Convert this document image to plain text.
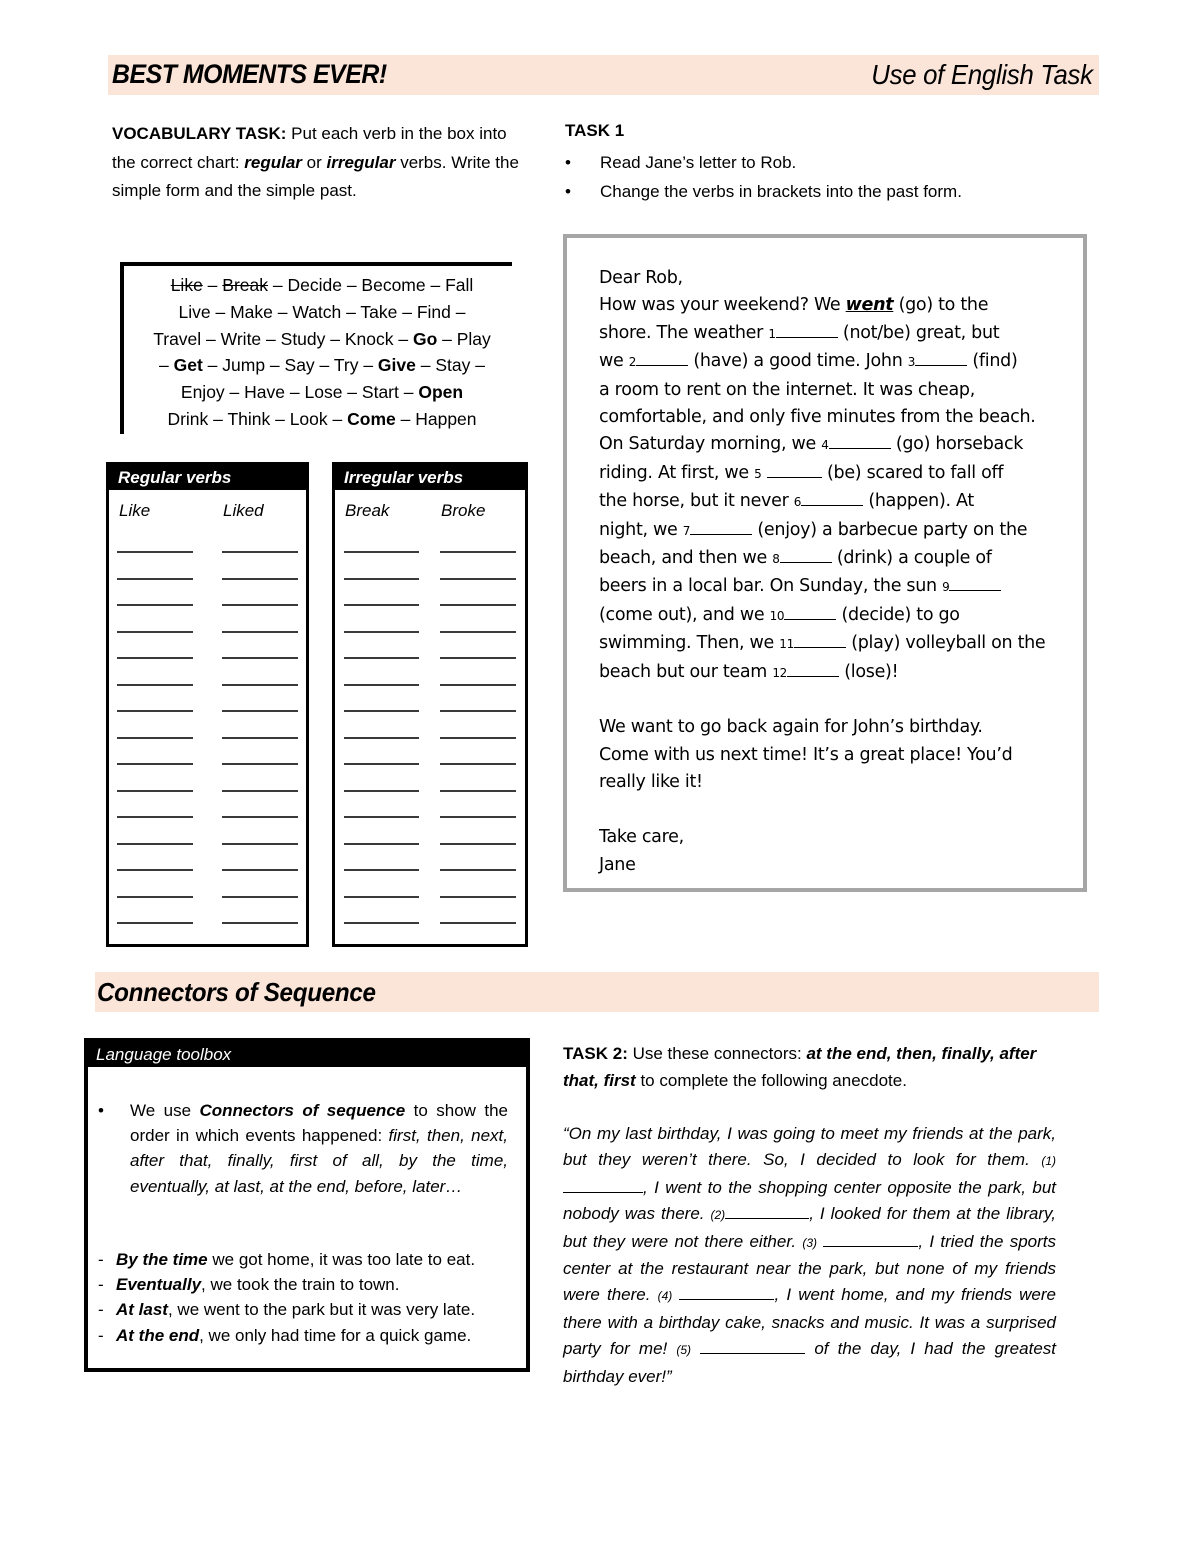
BEST MOMENTS EVER!	Use of English Task
VOCABULARY TASK: Put each verb in the box into the correct chart: regular or irregular verbs. Write the simple form and the simple past.
Like – Break – Decide – Become – Fall
Live – Make – Watch – Take – Find –
Travel – Write – Study – Knock – Go – Play
– Get – Jump – Say – Try – Give – Stay –
Enjoy – Have – Lose – Start – Open
Drink – Think – Look – Come – Happen
Regular verbs
Like	Liked
Irregular verbs
Break	Broke
TASK 1
• Read Jane’s letter to Rob.
• Change the verbs in brackets into the past form.
Dear Rob,
How was your weekend? We went (go) to the
shore. The weather 1	(not/be) great, but
we 2	(have) a good time. John 3	(find)
a room to rent on the internet. It was cheap,
comfortable, and only five minutes from the beach.
On Saturday morning, we 4	(go) horseback
riding. At first, we 5	(be) scared to fall off
the horse, but it never 6	(happen). At
night, we 7	(enjoy) a barbecue party on the
beach, and then we 8	(drink) a couple of
beers in a local bar. On Sunday, the sun 9
(come out), and we 10	(decide) to go
swimming. Then, we 11	(play) volleyball on the
beach but our team 12	(lose)!
We want to go back again for John’s birthday.
Come with us next time! It’s a great place! You’d
really like it!
Take care,
Jane
Connectors of Sequence
Language toolbox
•	We use Connectors of sequence to show the order in which events happened: first, then, next, after that, finally, first of all, by the time, eventually, at last, at the end, before, later…
- By the time we got home, it was too late to eat.
- Eventually, we took the train to town.
- At last, we went to the park but it was very late.
- At the end, we only had time for a quick game.
TASK 2: Use these connectors: at the end, then, finally, after that, first to complete the following anecdote.
“On my last birthday, I was going to meet my friends at the park, but they weren’t there. So, I decided to look for them. (1) , I went to the shopping center opposite the park, but nobody was there. (2)	, I looked for them at the library, but they were not there either. (3)	, I tried the sports center at the restaurant near the park, but none of my friends were there. (4)	, I went home, and my friends were there with a birthday cake, snacks and music. It was a surprised party for me! (5)	of the day, I had the greatest birthday ever!”
